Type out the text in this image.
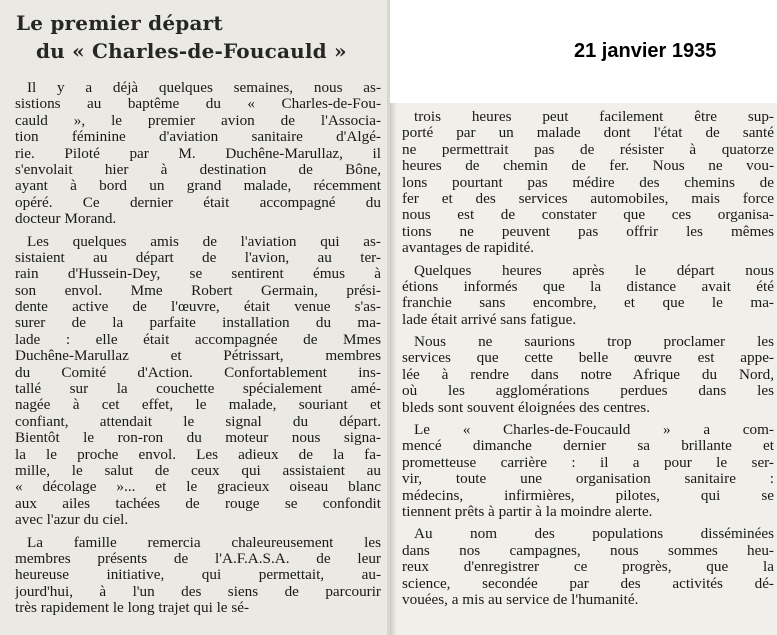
Le premier départ
du « Charles-de-Foucauld »
Il y a déjà quelques semaines, nous as-
sistions au baptême du « Charles-de-Fou-
cauld », le premier avion de l'Associa-
tion féminine d'aviation sanitaire d'Algé-
rie. Piloté par M. Duchêne-Marullaz, il
s'envolait hier à destination de Bône,
ayant à bord un grand malade, récemment
opéré. Ce dernier était accompagné du
docteur Morand.
Les quelques amis de l'aviation qui as-
sistaient au départ de l'avion, au ter-
rain d'Hussein-Dey, se sentirent émus à
son envol. Mme Robert Germain, prési-
dente active de l'œuvre, était venue s'as-
surer de la parfaite installation du ma-
lade : elle était accompagnée de Mmes
Duchêne-Marullaz et Pétrissart, membres
du Comité d'Action. Confortablement ins-
tallé sur la couchette spécialement amé-
nagée à cet effet, le malade, souriant et
confiant, attendait le signal du départ.
Bientôt le ron-ron du moteur nous signa-
la le proche envol. Les adieux de la fa-
mille, le salut de ceux qui assistaient au
« décolage »... et le gracieux oiseau blanc
aux ailes tachées de rouge se confondit
avec l'azur du ciel.
La famille remercia chaleureusement les
membres présents de l'A.F.A.S.A. de leur
heureuse initiative, qui permettait, au-
jourd'hui, à l'un des siens de parcourir
très rapidement le long trajet qui le sé-
trois heures peut facilement être sup-
porté par un malade dont l'état de santé
ne permettrait pas de résister à quatorze
heures de chemin de fer. Nous ne vou-
lons pourtant pas médire des chemins de
fer et des services automobiles, mais force
nous est de constater que ces organisa-
tions ne peuvent pas offrir les mêmes
avantages de rapidité.
Quelques heures après le départ nous
étions informés que la distance avait été
franchie sans encombre, et que le ma-
lade était arrivé sans fatigue.
Nous ne saurions trop proclamer les
services que cette belle œuvre est appe-
lée à rendre dans notre Afrique du Nord,
où les agglomérations perdues dans les
bleds sont souvent éloignées des centres.
Le « Charles-de-Foucauld » a com-
mencé dimanche dernier sa brillante et
prometteuse carrière : il a pour le ser-
vir, toute une organisation sanitaire :
médecins, infirmières, pilotes, qui se
tiennent prêts à partir à la moindre alerte.
Au nom des populations disséminées
dans nos campagnes, nous sommes heu-
reux d'enregistrer ce progrès, que la
science, secondée par des activités dé-
vouées, a mis au service de l'humanité.

21 janvier 1935
